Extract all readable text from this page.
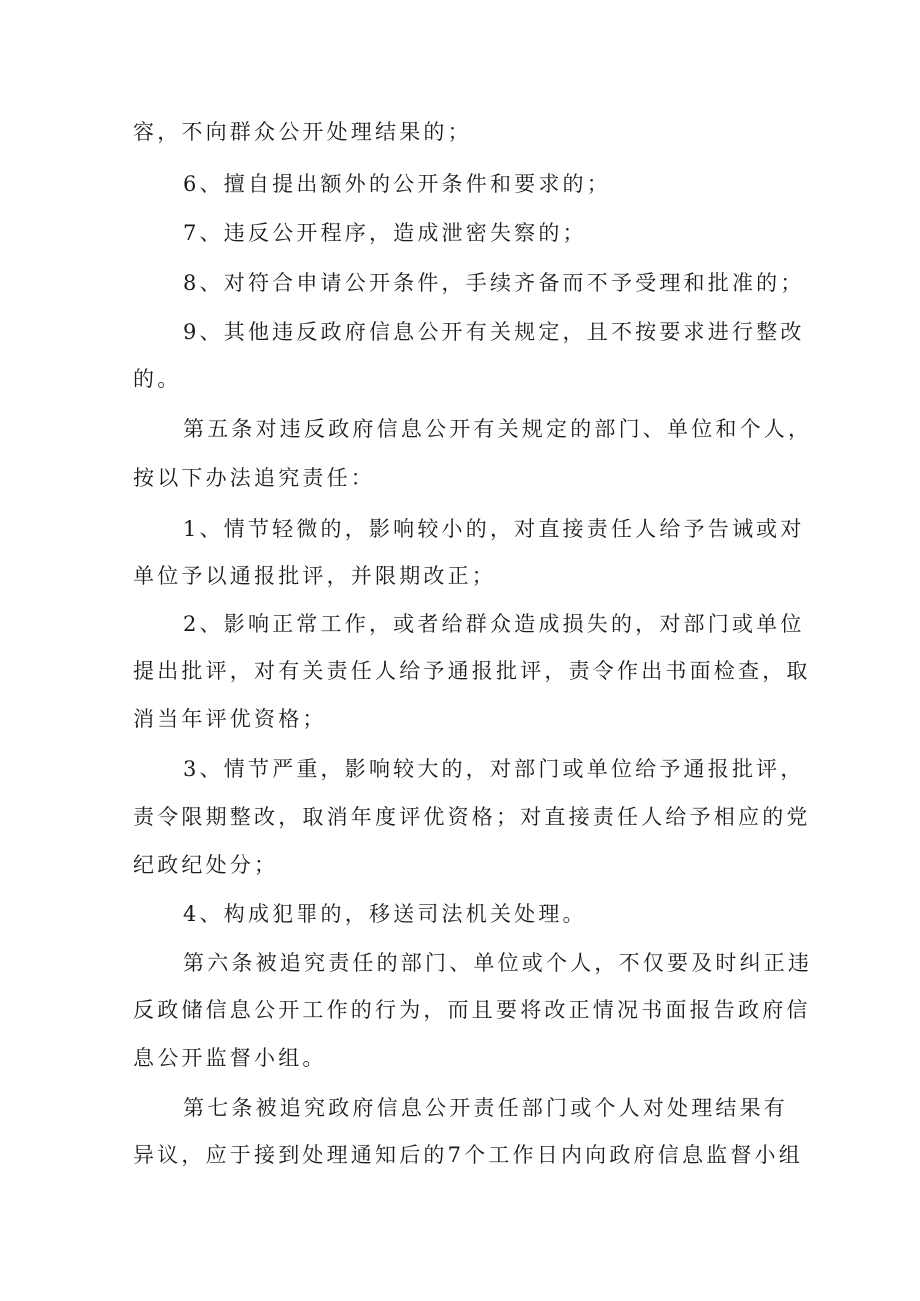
容，不向群众公开处理结果的；
6、擅自提出额外的公开条件和要求的；
7、违反公开程序，造成泄密失察的；
8、对符合申请公开条件，手续齐备而不予受理和批准的；
9、其他违反政府信息公开有关规定，且不按要求进行整改
的。
第五条对违反政府信息公开有关规定的部门、单位和个人，
按以下办法追究责任：
1、情节轻微的，影响较小的，对直接责任人给予告诫或对
单位予以通报批评，并限期改正；
2、影响正常工作，或者给群众造成损失的，对部门或单位
提出批评，对有关责任人给予通报批评，责令作出书面检查，取
消当年评优资格；
3、情节严重，影响较大的，对部门或单位给予通报批评，
责令限期整改，取消年度评优资格；对直接责任人给予相应的党
纪政纪处分；
4、构成犯罪的，移送司法机关处理。
第六条被追究责任的部门、单位或个人，不仅要及时纠正违
反政储信息公开工作的行为，而且要将改正情况书面报告政府信
息公开监督小组。
第七条被追究政府信息公开责任部门或个人对处理结果有
异议，应于接到处理通知后的7个工作日内向政府信息监督小组
